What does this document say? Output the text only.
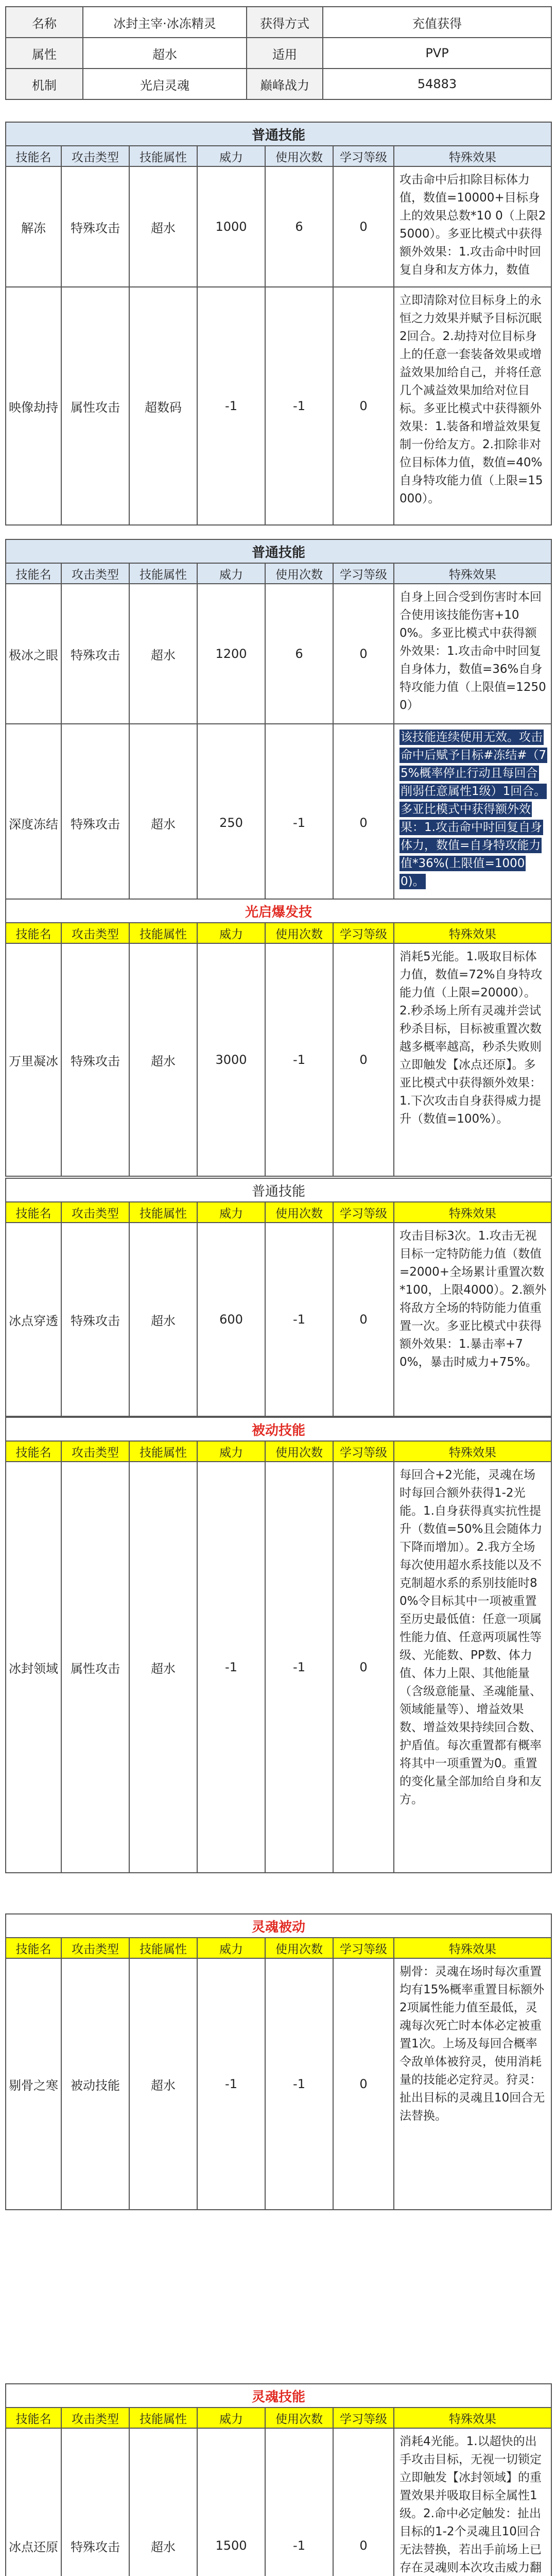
名称	冰封主宰·冰冻精灵	获得方式	充值获得
属性	超水	适用	PVP
机制	光启灵魂	巅峰战力	54883
普通技能						
技能名	攻击类型	技能属性	威力	使用次数	学习等级	特殊效果
解冻	特殊攻击	超水	1000	6	0	攻击命中后扣除目标体力值，数值=10000+目标身上的效果总数*10 0（上限25000）。多亚比模式中获得额外效果：1.攻击命中时回复自身和友方体力，数值
映像劫持	属性攻击	超数码	-1	-1	0	立即清除对位目标身上的永恒之力效果并赋予目标沉眠2回合。2.劫持对位目标身上的任意一套装备效果或增益效果加给自己，并将任意几个减益效果加给对位目标。多亚比模式中获得额外效果：1.装备和增益效果复制一份给友方。2.扣除非对位目标体力值，数值=40%自身特攻能力值（上限=15000）。
普通技能						
技能名	攻击类型	技能属性	威力	使用次数	学习等级	特殊效果
极冰之眼	特殊攻击	超水	1200	6	0	自身上回合受到伤害时本回合使用该技能伤害+100%。多亚比模式中获得额外效果：1.攻击命中时回复自身体力，数值=36%自身特攻能力值（上限值=1250 0）
深度冻结	特殊攻击	超水	250	-1	0	该技能连续使用无效。攻击命中后赋予目标#冻结#（75%概率停止行动且每回合削弱任意属性1级）1回合。多亚比模式中获得额外效果：1.攻击命中时回复自身体力，数值=自身特攻能力值*36%(上限值=10000)。
光启爆发技						
技能名	攻击类型	技能属性	威力	使用次数	学习等级	特殊效果
万里凝冰	特殊攻击	超水	3000	-1	0	消耗5光能。1.吸取目标体力值，数值=72%自身特攻能力值（上限=20000）。2.秒杀场上所有灵魂并尝试秒杀目标，目标被重置次数越多概率越高，秒杀失败则立即触发【冰点还原】。多亚比模式中获得额外效果：1.下次攻击自身获得威力提升（数值=100%）。
普通技能						
技能名	攻击类型	技能属性	威力	使用次数	学习等级	特殊效果
冰点穿透	特殊攻击	超水	600	-1	0	攻击目标3次。1.攻击无视目标一定特防能力值（数值=2000+全场累计重置次数*100，上限4000）。2.额外将敌方全场的特防能力值重置一次。多亚比模式中获得额外效果：1.暴击率+70%，暴击时威力+75%。
被动技能						
技能名	攻击类型	技能属性	威力	使用次数	学习等级	特殊效果
冰封领域	属性攻击	超水	-1	-1	0	每回合+2光能，灵魂在场时每回合额外获得1-2光能。1.自身获得真实抗性提升（数值=50%且会随体力下降而增加）。2.我方全场每次使用超水系技能以及不克制超水系的系别技能时80%令目标其中一项被重置至历史最低值：任意一项属性能力值、任意两项属性等级、光能数、PP数、体力值、体力上限、其他能量（含级意能量、圣魂能量、领域能量等）、增益效果数、增益效果持续回合数、护盾值。每次重置都有概率将其中一项重置为0。重置的变化量全部加给自身和友方。
灵魂被动						
技能名	攻击类型	技能属性	威力	使用次数	学习等级	特殊效果
剔骨之寒	被动技能	超水	-1	-1	0	剔骨：灵魂在场时每次重置均有15%概率重置目标额外2项属性能力值至最低，灵魂每次死亡时本体必定被重置1次。上场及每回合概率令敌单体被狩灵，使用消耗量的技能必定狩灵。狩灵：扯出目标的灵魂且10回合无法替换。
灵魂技能						
技能名	攻击类型	技能属性	威力	使用次数	学习等级	特殊效果
冰点还原	特殊攻击	超水	1500	-1	0	消耗4光能。1.以超快的出手攻击目标，无视一切锁定立即触发【冰封领域】的重置效果并吸取目标全属性1级。2.命中必定触发：扯出目标的1-2个灵魂且10回合无法替换，若出手前场上已存在灵魂则本次攻击威力翻
